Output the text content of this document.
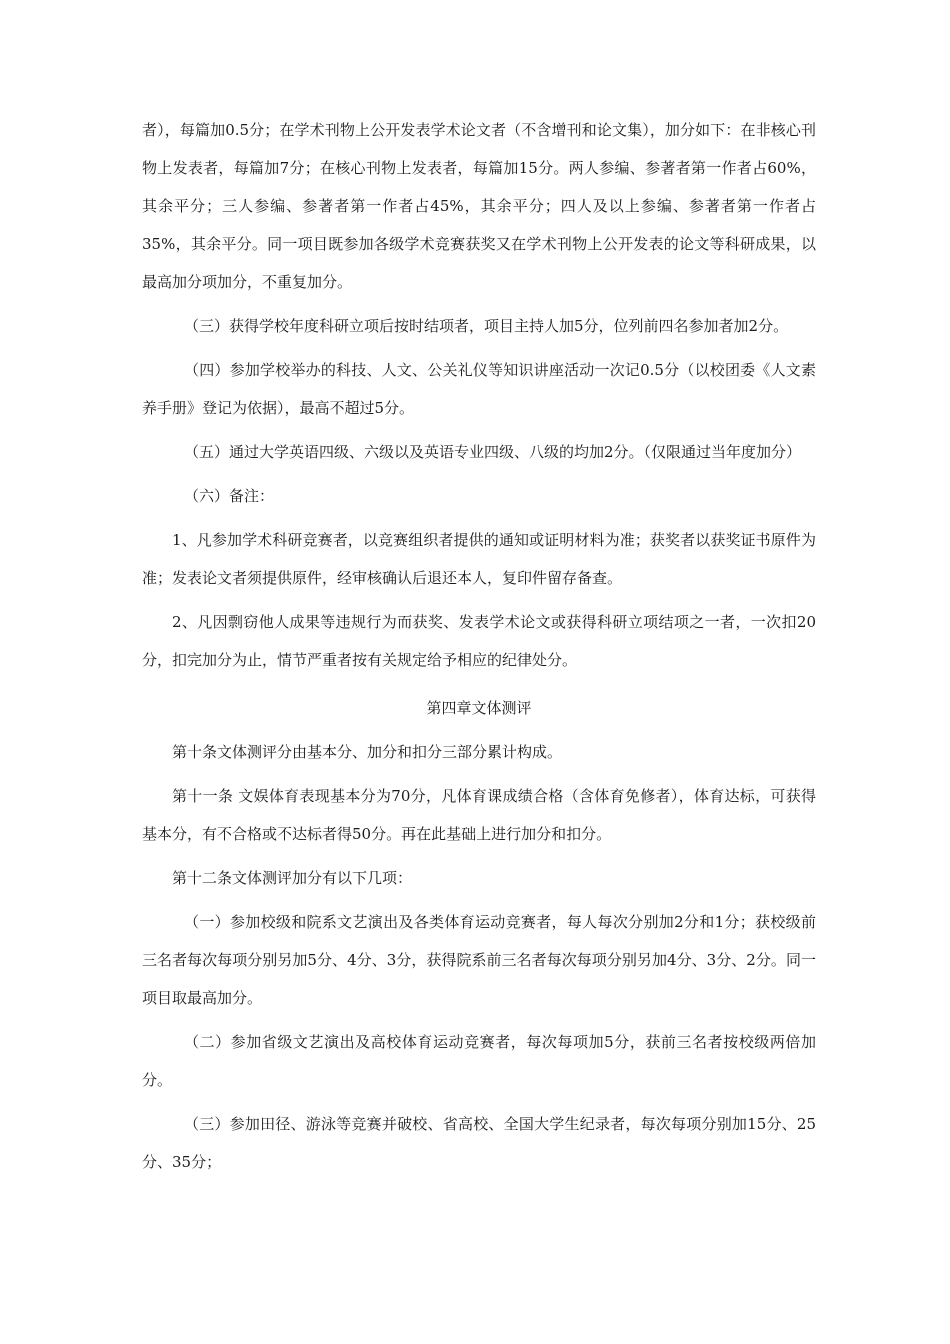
者），每篇加0.5分；在学术刊物上公开发表学术论文者（不含增刊和论文集），加分如下：在非核心刊物上发表者，每篇加7分；在核心刊物上发表者，每篇加15分。两人参编、参著者第一作者占60%，其余平分；三人参编、参著者第一作者占45%，其余平分；四人及以上参编、参著者第一作者占35%，其余平分。同一项目既参加各级学术竞赛获奖又在学术刊物上公开发表的论文等科研成果，以最高加分项加分，不重复加分。

（三）获得学校年度科研立项后按时结项者，项目主持人加5分，位列前四名参加者加2分。

（四）参加学校举办的科技、人文、公关礼仪等知识讲座活动一次记0.5分（以校团委《人文素养手册》登记为依据），最高不超过5分。

（五）通过大学英语四级、六级以及英语专业四级、八级的均加2分。（仅限通过当年度加分）

（六）备注：

1、凡参加学术科研竞赛者，以竞赛组织者提供的通知或证明材料为准；获奖者以获奖证书原件为准；发表论文者须提供原件，经审核确认后退还本人，复印件留存备查。

2、凡因剽窃他人成果等违规行为而获奖、发表学术论文或获得科研立项结项之一者，一次扣20分，扣完加分为止，情节严重者按有关规定给予相应的纪律处分。

第四章文体测评

第十条文体测评分由基本分、加分和扣分三部分累计构成。

第十一条 文娱体育表现基本分为70分，凡体育课成绩合格（含体育免修者），体育达标，可获得基本分，有不合格或不达标者得50分。再在此基础上进行加分和扣分。

第十二条文体测评加分有以下几项：

（一）参加校级和院系文艺演出及各类体育运动竞赛者，每人每次分别加2分和1分；获校级前三名者每次每项分别另加5分、4分、3分，获得院系前三名者每次每项分别另加4分、3分、2分。同一项目取最高加分。

（二）参加省级文艺演出及高校体育运动竞赛者，每次每项加5分，获前三名者按校级两倍加分。

（三）参加田径、游泳等竞赛并破校、省高校、全国大学生纪录者，每次每项分别加15分、25分、35分；
